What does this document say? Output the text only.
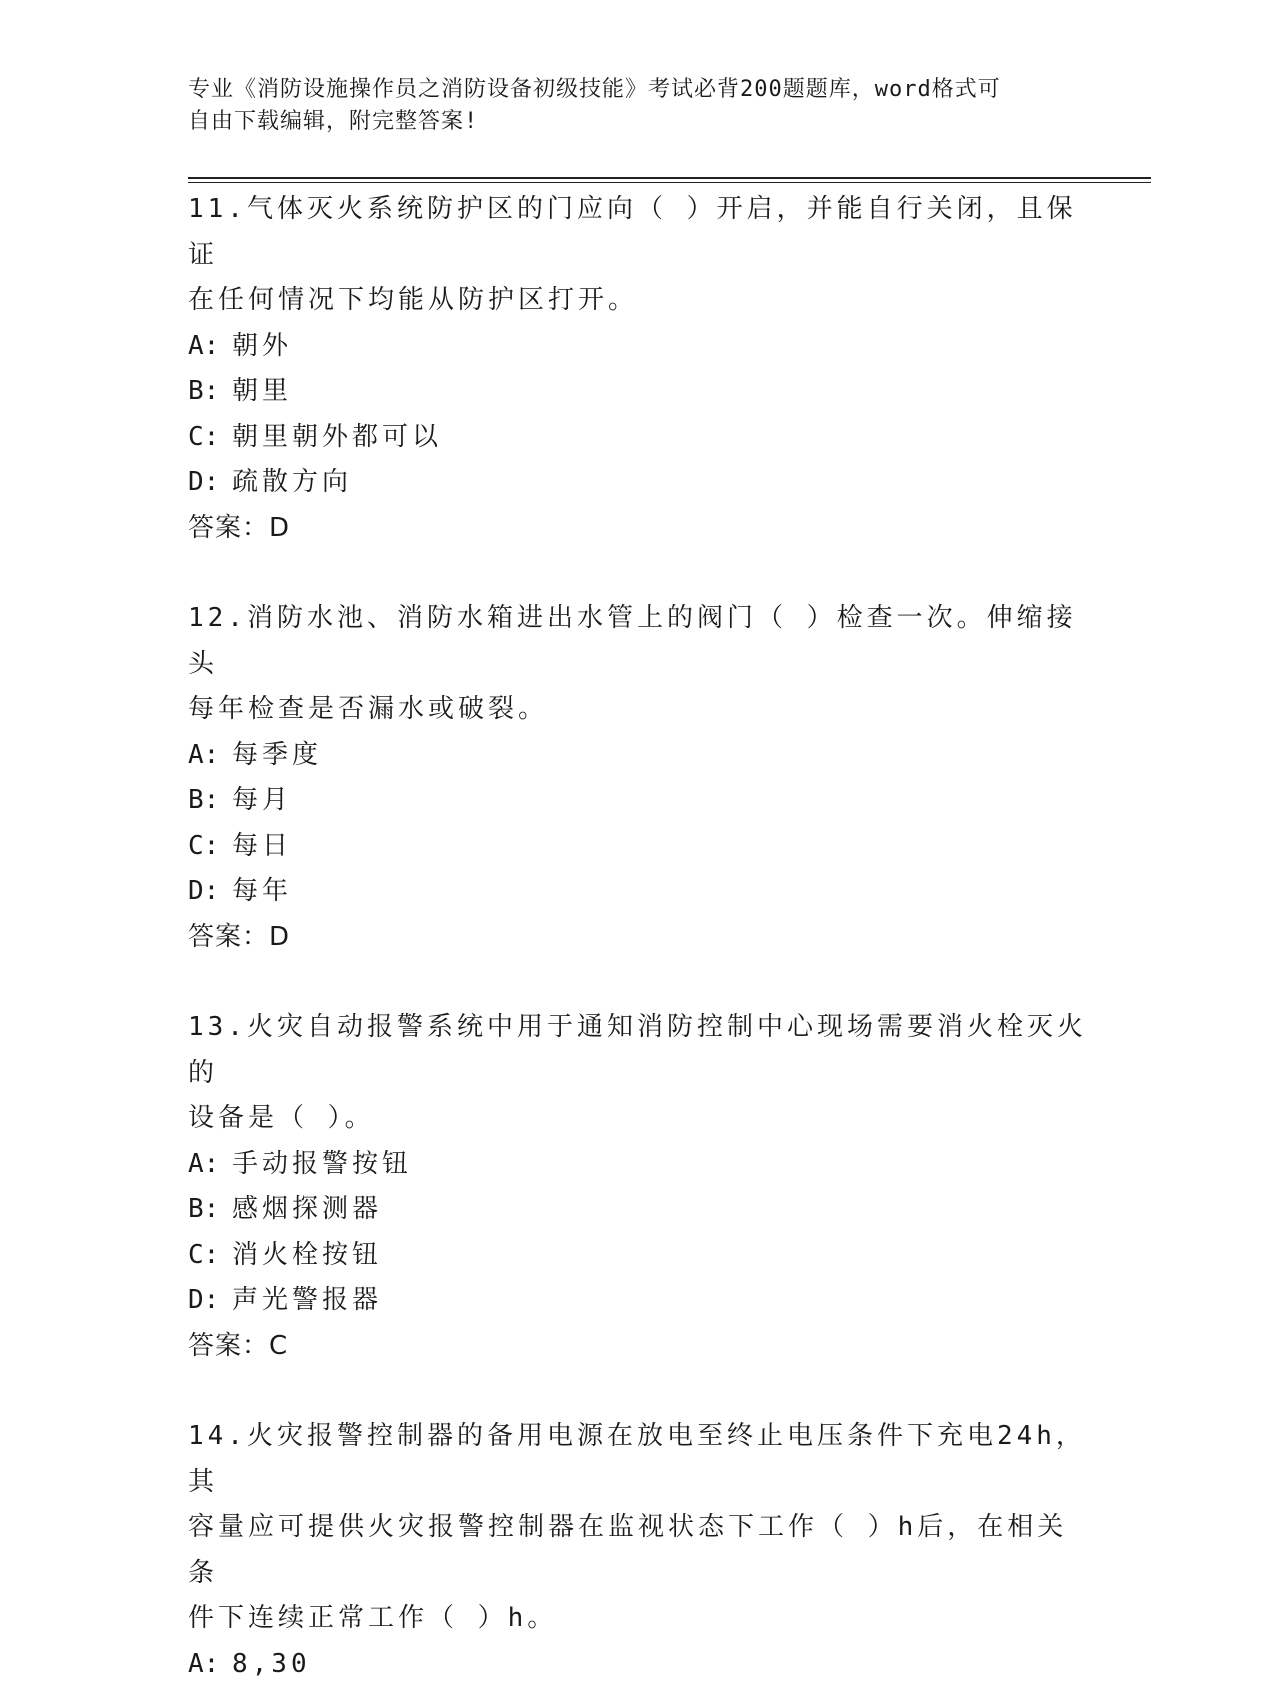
专业《消防设施操作员之消防设备初级技能》考试必背200题题库，word格式可
自由下载编辑，附完整答案!
11.气体灭火系统防护区的门应向（ ）开启，并能自行关闭，且保证
在任何情况下均能从防护区打开。
A: 朝外
B: 朝里
C: 朝里朝外都可以
D: 疏散方向
答案：D
12.消防水池、消防水箱进出水管上的阀门（ ）检查一次。伸缩接头
每年检查是否漏水或破裂。
A: 每季度
B: 每月
C: 每日
D: 每年
答案：D
13.火灾自动报警系统中用于通知消防控制中心现场需要消火栓灭火的
设备是（ ）。
A: 手动报警按钮
B: 感烟探测器
C: 消火栓按钮
D: 声光警报器
答案：C
14.火灾报警控制器的备用电源在放电至终止电压条件下充电24h，其
容量应可提供火灾报警控制器在监视状态下工作（ ）h后，在相关条
件下连续正常工作（ ）h。
A: 8,30
